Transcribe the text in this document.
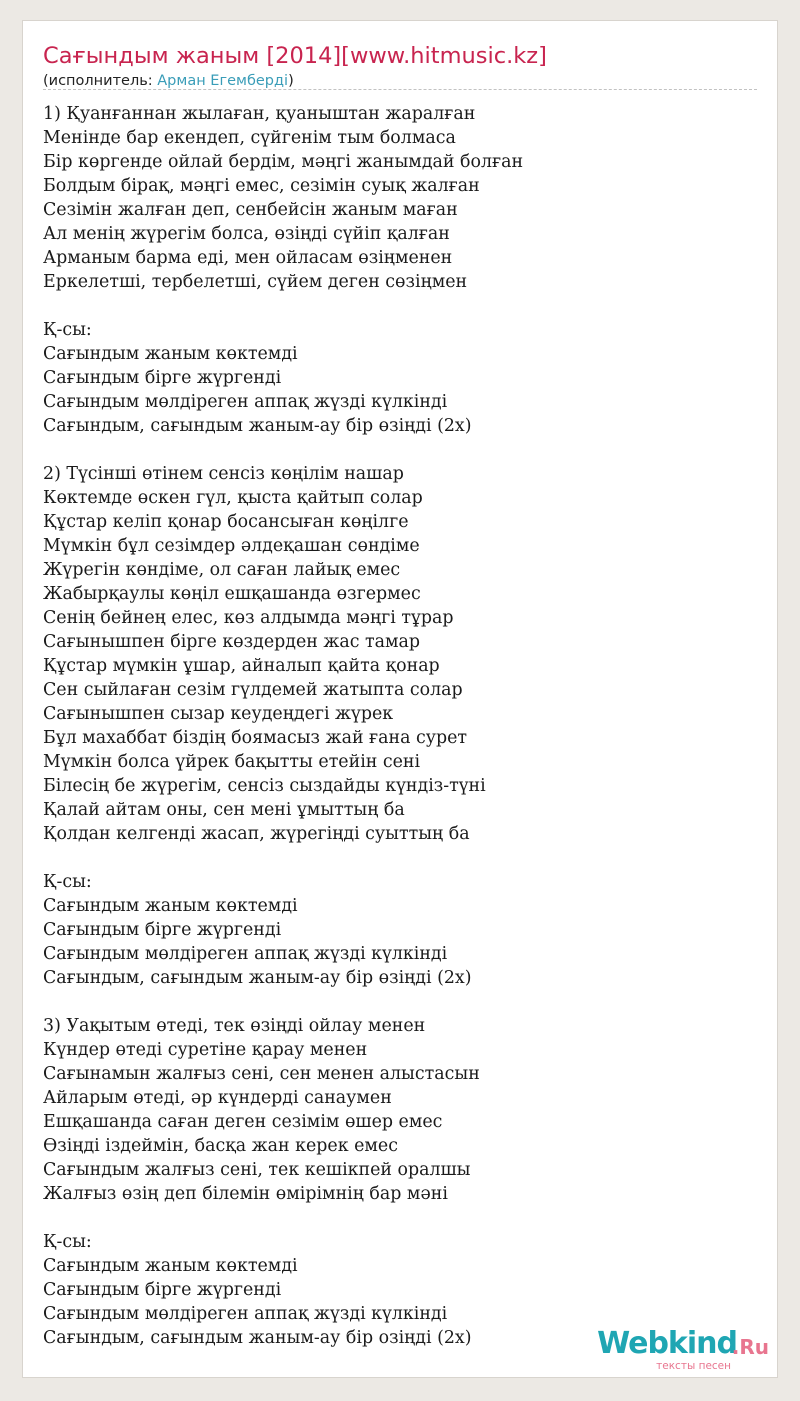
Сағындым жаным [2014][www.hitmusic.kz]
(исполнитель: Арман Егемберді)
1) Қуанғаннан жылаған, қуаныштан жаралған
Менiнде бар екендеп, сүйгенім тым болмаса
Бір көргенде ойлай бердім, мәңгі жанымдай болған
Болдым бірақ, мәңгі емес, сезімін суық жалған
Сезімін жалған деп, сенбейсін жаным маған
Ал менің жүрегім болса, өзіңді сүйіп қалған
Арманым барма еді, мен ойласам өзіңменен
Еркелетші, тербелетші, сүйем деген сөзіңмен

Қ-сы:
Сағындым жаным көктемді
Сағындым бірге жүргенді
Сағындым мөлдіреген аппақ жүзді күлкінді
Сағындым, сағындым жаным-ау бір өзіңді (2х)

2) Түсінші өтінем сенсіз көңілім нашар
Көктемде өскен гүл, қыста қайтып солар
Құстар келіп қонар босансыған көңілге
Мүмкін бұл сезімдер әлдеқашан сөндіме
Жүрегін көндіме, ол саған лайық емес
Жабырқаулы көңіл ешқашанда өзгермес
Сенің бейнең елес, көз алдымда мәңгі тұрар
Сағынышпен бірге көздерден жас тамар
Құстар мүмкін ұшар, айналып қайта қонар
Сен сыйлаған сезім гүлдемей жатыпта солар
Сағынышпен сызар кеудеңдегі жүрек
Бұл махаббат біздің боямасыз жай ғана сурет
Мүмкін болса үйрек бақытты етейін сені
Білесің бе жүрегім, сенсіз сыздайды күндіз-түні
Қалай айтам оны, сен мені ұмыттың ба
Қолдан келгенді жасап, жүрегіңді суыттың ба

Қ-сы:
Сағындым жаным көктемді
Сағындым бірге жүргенді
Сағындым мөлдіреген аппақ жүзді күлкінді
Сағындым, сағындым жаным-ау бір өзіңді (2х)

3) Уақытым өтеді, тек өзіңді ойлау менен
Күндер өтеді суретіне қарау менен
Сағынамын жалғыз сені, сен менен алыстасын
Айларым өтеді, әр күндерді санаумен
Ешқашанда саған деген сезімім өшер емес
Өзіңді іздеймін, басқа жан керек емес
Сағындым жалғыз сені, тек кешікпей оралшы
Жалғыз өзің деп білемін өмірімнің бар мәні

Қ-сы:
Сағындым жаным көктемді
Сағындым бірге жүргенді
Сағындым мөлдіреген аппақ жүзді күлкінді
Сағындым, сағындым жаным-ау бір озіңді (2х)	Webkind
.Ru
тексты песен
